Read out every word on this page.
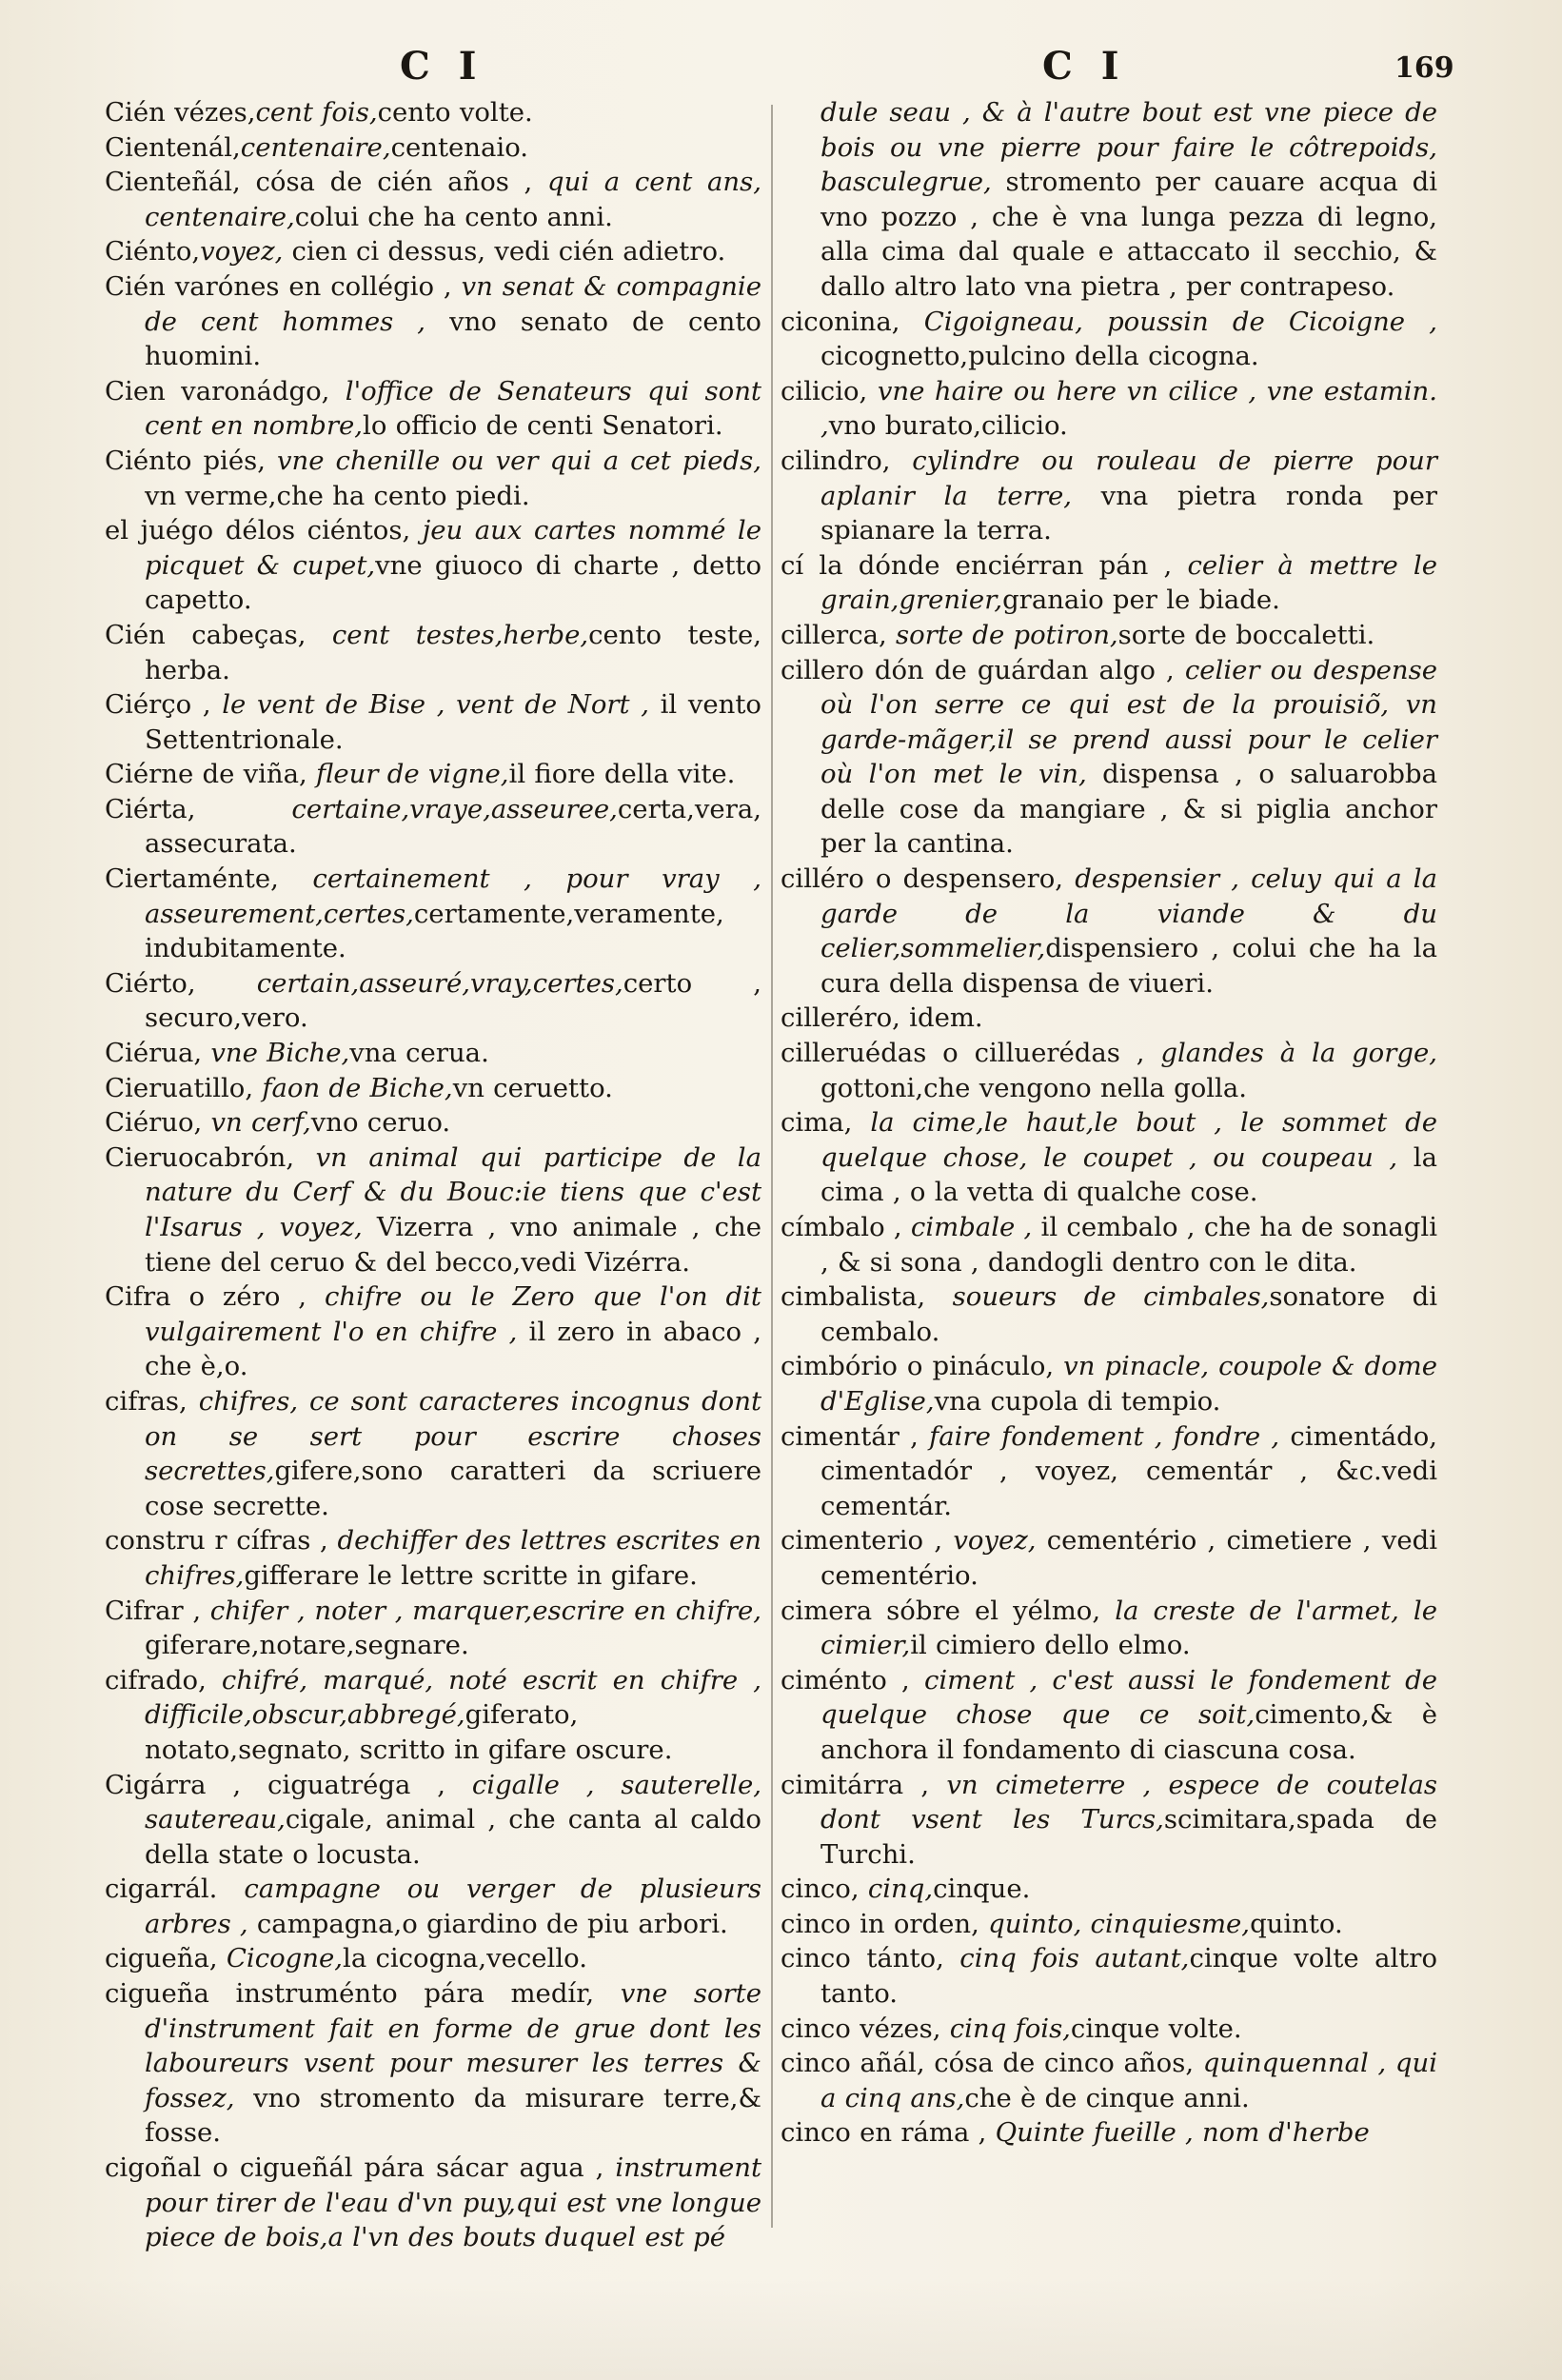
C I	C I	169

Cién vézes,cent fois,cento volte.

Cientenál,centenaire,centenaio.

Cienteñál, cósa de cién años , qui a cent ans, centenaire,colui che ha cento anni.

Ciénto,voyez, cien ci dessus, vedi cién adietro.

Cién varónes en collégio , vn senat & compagnie de cent hommes , vno senato de cento huomini.

Cien varonádgo, l'office de Senateurs qui sont cent en nombre,lo officio de centi Senatori.

Ciénto piés, vne chenille ou ver qui a cet pieds, vn verme,che ha cento piedi.

el juégo délos ciéntos, jeu aux cartes nommé le picquet & cupet,vne giuoco di charte , detto capetto.

Cién cabeças, cent testes,herbe,cento teste, herba.

Ciérço , le vent de Bise , vent de Nort , il vento Settentrionale.

Ciérne de viña, fleur de vigne,il fiore della vite.

Ciérta, certaine,vraye,asseuree,certa,vera, assecurata.

Ciertaménte, certainement , pour vray , asseurement,certes,certamente,veramente, indubitamente.

Ciérto, certain,asseuré,vray,certes,certo , securo,vero.

Ciérua, vne Biche,vna cerua.

Cieruatillo, faon de Biche,vn ceruetto.

Ciéruo, vn cerf,vno ceruo.

Cieruocabrón, vn animal qui participe de la nature du Cerf & du Bouc:ie tiens que c'est l'Isarus , voyez, Vizerra , vno animale , che tiene del ceruo & del becco,vedi Vizérra.

Cifra o zéro , chifre ou le Zero que l'on dit vulgairement l'o en chifre , il zero in abaco , che è,o.

cifras, chifres, ce sont caracteres incognus dont on se sert pour escrire choses secrettes,gifere,sono caratteri da scriuere cose secrette.

constru r cífras , dechiffer des lettres escrites en chifres,gifferare le lettre scritte in gifare.

Cifrar , chifer , noter , marquer,escrire en chifre, giferare,notare,segnare.

cifrado, chifré, marqué, noté escrit en chifre , difficile,obscur,abbregé,giferato, notato,segnato, scritto in gifare oscure.

Cigárra , ciguatréga , cigalle , sauterelle, sautereau,cigale, animal , che canta al caldo della state o locusta.

cigarrál. campagne ou verger de plusieurs arbres , campagna,o giardino de piu arbori.

cigueña, Cicogne,la cicogna,vecello.

cigueña instruménto pára medír, vne sorte d'instrument fait en forme de grue dont les laboureurs vsent pour mesurer les terres & fossez, vno stromento da misurare terre,& fosse.

cigoñal o cigueñál pára sácar agua , instrument pour tirer de l'eau d'vn puy,qui est vne longue piece de bois,a l'vn des bouts duquel est pé

dule seau , & à l'autre bout est vne piece de bois ou vne pierre pour faire le côtrepoids, basculegrue, stromento per cauare acqua di vno pozzo , che è vna lunga pezza di legno, alla cima dal quale e attaccato il secchio, & dallo altro lato vna pietra , per contrapeso.

ciconina, Cigoigneau, poussin de Cicoigne , cicognetto,pulcino della cicogna.

cilicio, vne haire ou here vn cilice , vne estamin. ,vno burato,cilicio.

cilindro, cylindre ou rouleau de pierre pour aplanir la terre, vna pietra ronda per spianare la terra.

cí la dónde enciérran pán , celier à mettre le grain,grenier,granaio per le biade.

cillerca, sorte de potiron,sorte de boccaletti.

cillero dón de guárdan algo , celier ou despense où l'on serre ce qui est de la prouisiõ, vn garde-mãger,il se prend aussi pour le celier où l'on met le vin, dispensa , o saluarobba delle cose da mangiare , & si piglia anchor per la cantina.

cilléro o despensero, despensier , celuy qui a la garde de la viande & du celier,sommelier,dispensiero , colui che ha la cura della dispensa de viueri.

cilleréro, idem.

cilleruédas o cilluerédas , glandes à la gorge, gottoni,che vengono nella golla.

cima, la cime,le haut,le bout , le sommet de quelque chose, le coupet , ou coupeau , la cima , o la vetta di qualche cose.

címbalo , cimbale , il cembalo , che ha de sonagli , & si sona , dandogli dentro con le dita.

cimbalista, soueurs de cimbales,sonatore di cembalo.

cimbório o pináculo, vn pinacle, coupole & dome d'Eglise,vna cupola di tempio.

cimentár , faire fondement , fondre , cimentádo, cimentadór , voyez, cementár , &c.vedi cementár.

cimenterio , voyez, cementério , cimetiere , vedi cementério.

cimera sóbre el yélmo, la creste de l'armet, le cimier,il cimiero dello elmo.

ciménto , ciment , c'est aussi le fondement de quelque chose que ce soit,cimento,& è anchora il fondamento di ciascuna cosa.

cimitárra , vn cimeterre , espece de coutelas dont vsent les Turcs,scimitara,spada de Turchi.

cinco, cinq,cinque.

cinco in orden, quinto, cinquiesme,quinto.

cinco tánto, cinq fois autant,cinque volte altro tanto.

cinco vézes, cinq fois,cinque volte.

cinco añál, cósa de cinco años, quinquennal , qui a cinq ans,che è de cinque anni.

cinco en ráma , Quinte fueille , nom d'herbe
